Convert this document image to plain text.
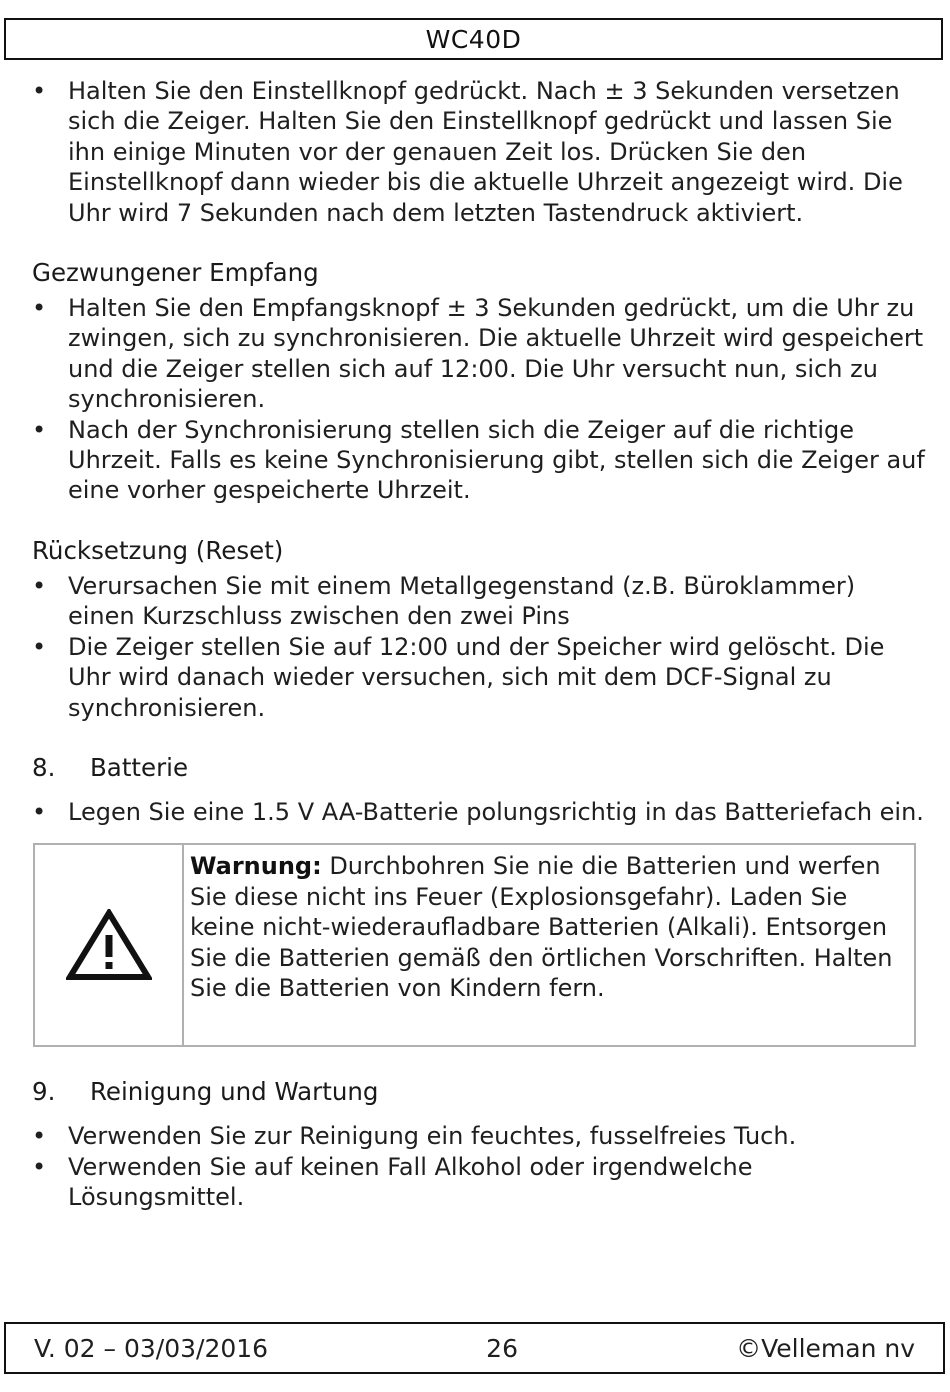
WC40D
• Halten Sie den Einstellknopf gedrückt. Nach ± 3 Sekunden versetzen sich die Zeiger. Halten Sie den Einstellknopf gedrückt und lassen Sie ihn einige Minuten vor der genauen Zeit los. Drücken Sie den Einstellknopf dann wieder bis die aktuelle Uhrzeit angezeigt wird. Die Uhr wird 7 Sekunden nach dem letzten Tastendruck aktiviert.
Gezwungener Empfang
• Halten Sie den Empfangsknopf ± 3 Sekunden gedrückt, um die Uhr zu zwingen, sich zu synchronisieren. Die aktuelle Uhrzeit wird gespeichert und die Zeiger stellen sich auf 12:00. Die Uhr versucht nun, sich zu synchronisieren.
• Nach der Synchronisierung stellen sich die Zeiger auf die richtige Uhrzeit. Falls es keine Synchronisierung gibt, stellen sich die Zeiger auf eine vorher gespeicherte Uhrzeit.
Rücksetzung (Reset)
• Verursachen Sie mit einem Metallgegenstand (z.B. Büroklammer) einen Kurzschluss zwischen den zwei Pins
• Die Zeiger stellen Sie auf 12:00 und der Speicher wird gelöscht. Die Uhr wird danach wieder versuchen, sich mit dem DCF-Signal zu synchronisieren.
8.	Batterie
• Legen Sie eine 1.5 V AA-Batterie polungsrichtig in das Batteriefach ein.
Warnung: Durchbohren Sie nie die Batterien und werfen Sie diese nicht ins Feuer (Explosionsgefahr). Laden Sie keine nicht-wiederaufladbare Batterien (Alkali). Entsorgen Sie die Batterien gemäß den örtlichen Vorschriften. Halten Sie die Batterien von Kindern fern.
9.	Reinigung und Wartung
• Verwenden Sie zur Reinigung ein feuchtes, fusselfreies Tuch.
• Verwenden Sie auf keinen Fall Alkohol oder irgendwelche Lösungsmittel.
V. 02 – 03/03/2016	26	©Velleman nv
